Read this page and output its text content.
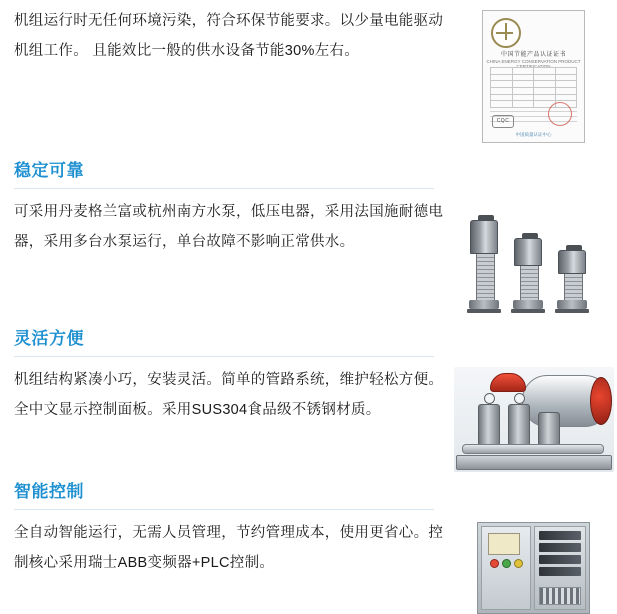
机组运行时无任何环境污染，符合环保节能要求。以少量电能驱动机组工作。 且能效比一般的供水设备节能30%左右。	中国节能产品认证证书
CHINA ENERGY CONSERVATION PRODUCT CERTIFICATION
CQC
中国质量认证中心
稳定可靠

可采用丹麦格兰富或杭州南方水泵，低压电器，采用法国施耐德电器，采用多台水泵运行，单台故障不影响正常供水。

灵活方便

机组结构紧凑小巧，安装灵活。简单的管路系统，维护轻松方便。全中文显示控制面板。采用SUS304食品级不锈钢材质。

智能控制

全自动智能运行，无需人员管理，节约管理成本，使用更省心。控制核心采用瑞士ABB变频器+PLC控制。
